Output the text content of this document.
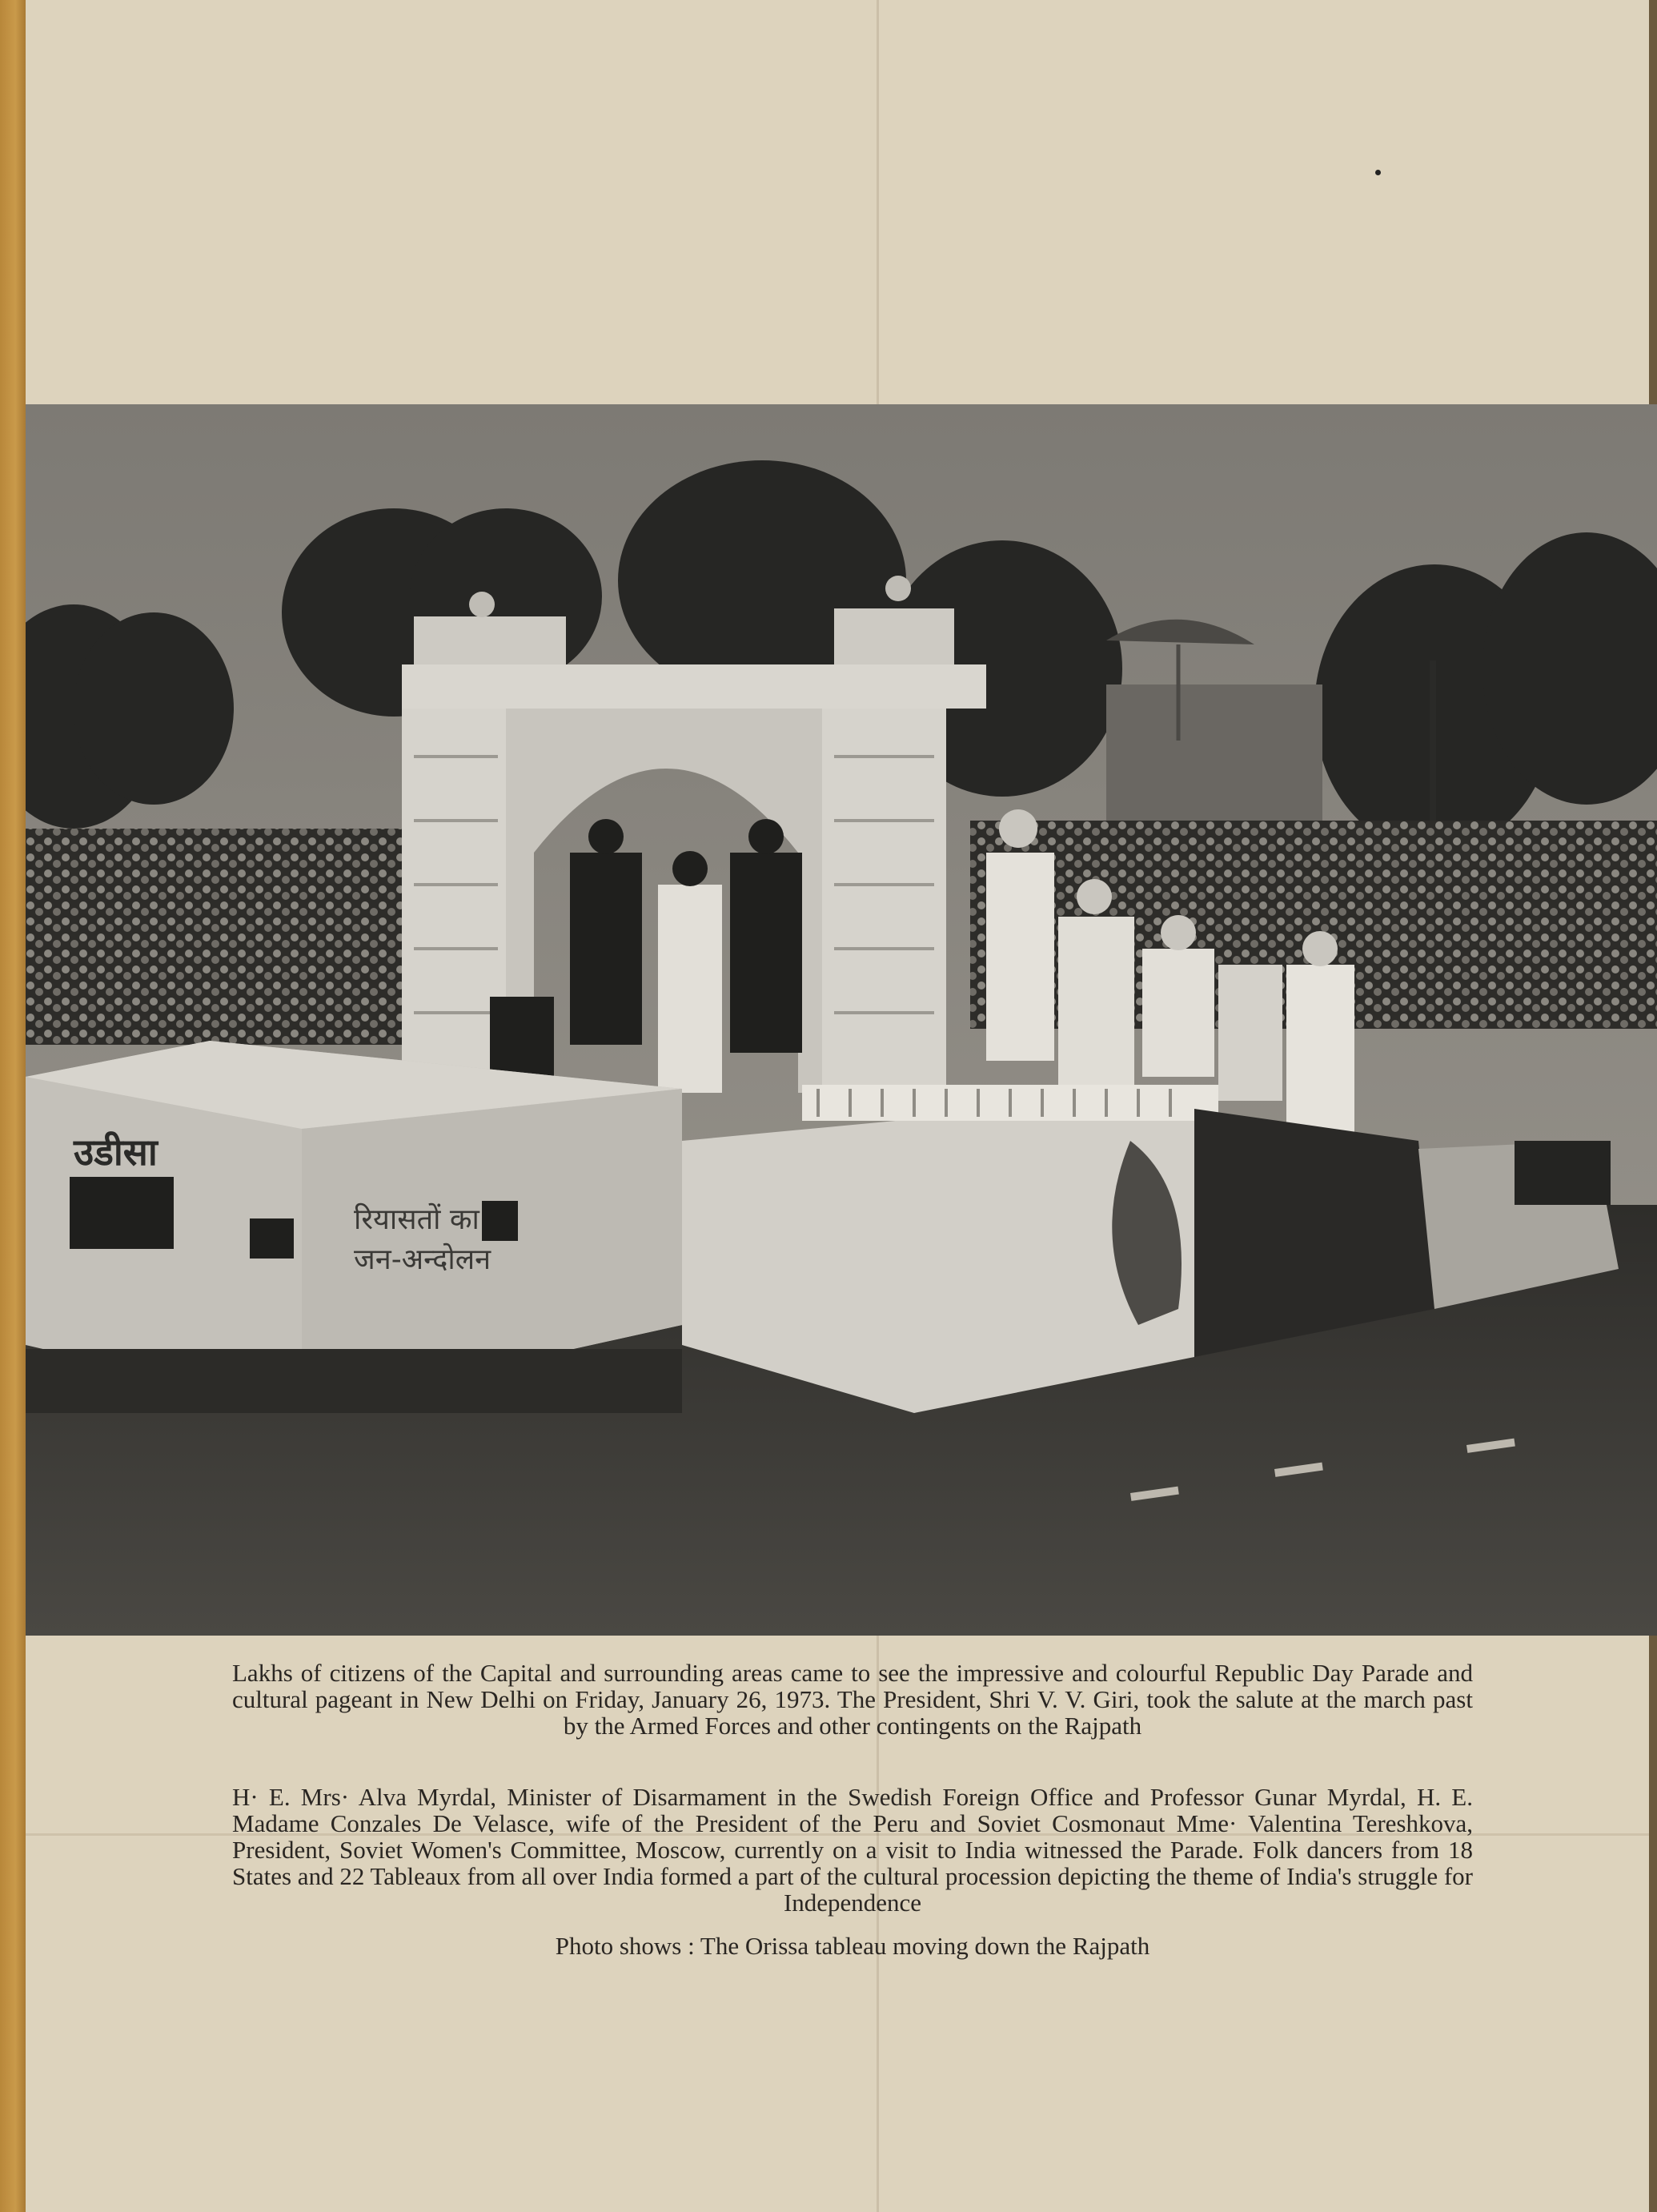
उडीसा
रियासतों का
जन-अन्दोलन
Lakhs of citizens of the Capital and surrounding areas came to see the impressive and colourful Republic Day Parade and cultural pageant in New Delhi on Friday, January 26, 1973. The President, Shri V. V. Giri, took the salute at the march past by the Armed Forces and other contingents on the Rajpath
H· E. Mrs· Alva Myrdal, Minister of Disarmament in the Swedish Foreign Office and Professor Gunar Myrdal, H. E. Madame Conzales De Velasce, wife of the President of the Peru and Soviet Cosmonaut Mme· Valentina Tereshkova, President, Soviet Women's Committee, Moscow, currently on a visit to India witnessed the Parade. Folk dancers from 18 States and 22 Tableaux from all over India formed a part of the cultural procession depicting the theme of India's struggle for Independence
Photo shows : The Orissa tableau moving down the Rajpath
